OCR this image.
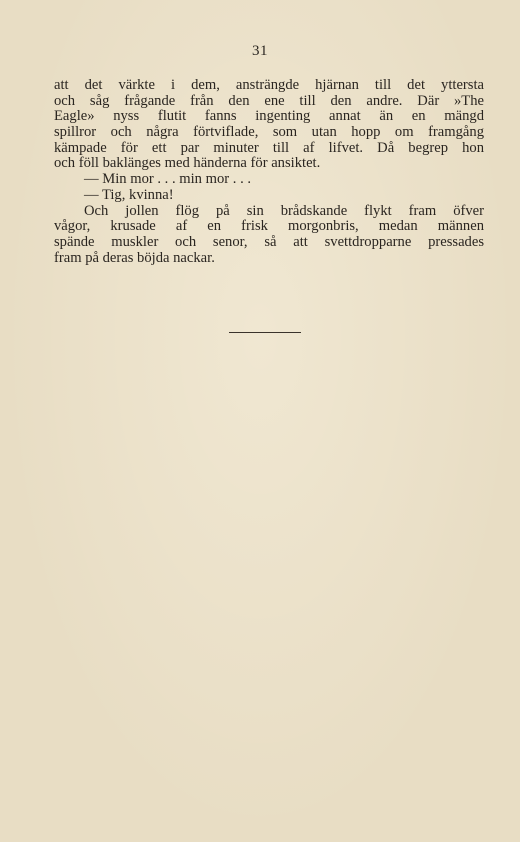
31
att det värkte i dem, ansträngde hjärnan till det yttersta
och såg frågande från den ene till den andre. Där »The
Eagle» nyss flutit fanns ingenting annat än en mängd
spillror och några förtviflade, som utan hopp om framgång
kämpade för ett par minuter till af lifvet. Då begrep hon
och föll baklänges med händerna för ansiktet.
— Min mor . . . min mor . . .
— Tig, kvinna!
Och jollen flög på sin brådskande flykt fram öfver
vågor, krusade af en frisk morgonbris, medan männen
spände muskler och senor, så att svettdropparne pressades
fram på deras böjda nackar.
